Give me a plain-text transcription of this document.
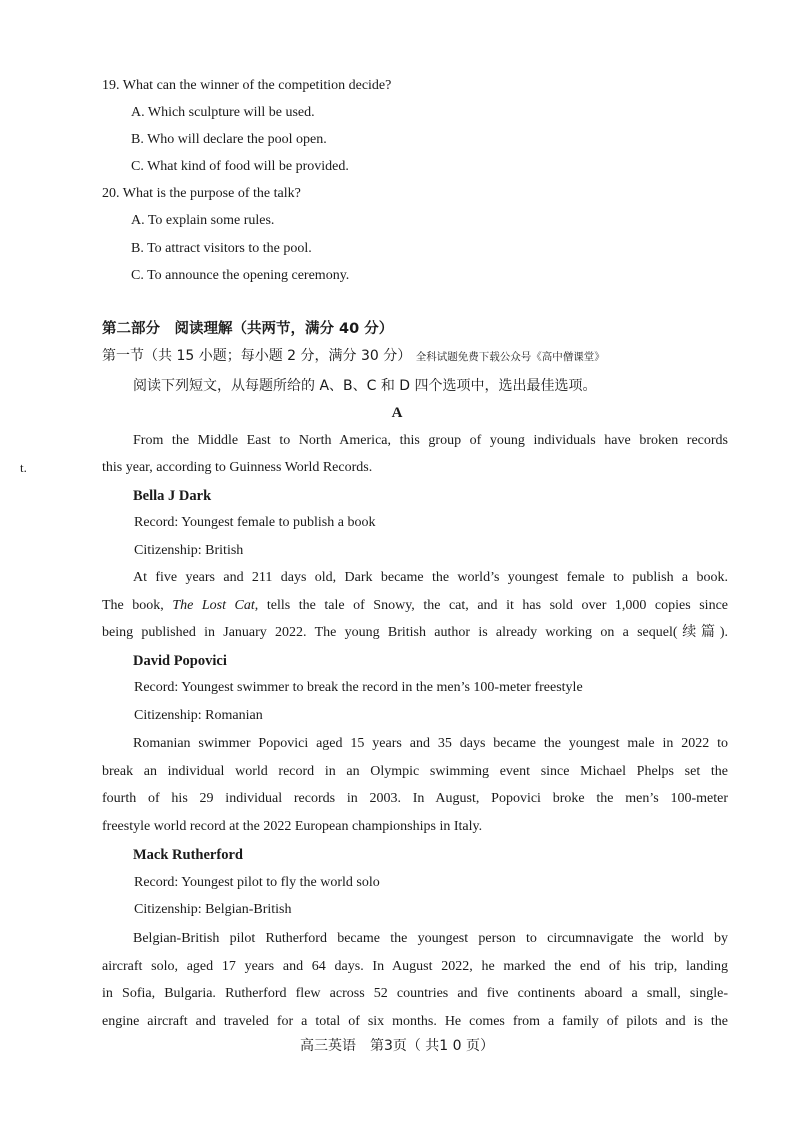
19. What can the winner of the competition decide?
A. Which sculpture will be used.
B. Who will declare the pool open.
C. What kind of food will be provided.
20. What is the purpose of the talk?
A. To explain some rules.
B. To attract visitors to the pool.
C. To announce the opening ceremony.
第二部分　阅读理解（共两节，满分 40 分）
第一节（共 15 小题；每小题 2 分，满分 30 分） 全科试题免费下载公众号《高中僧课堂》
阅读下列短文，从每题所给的 A、B、C 和 D 四个选项中，选出最佳选项。
A
From the Middle East to North America, this group of young individuals have broken records
this year, according to Guinness World Records.
t.
Bella J Dark
Record: Youngest female to publish a book
Citizenship: British
At five years and 211 days old, Dark became the world’s youngest female to publish a book.
The book, The Lost Cat, tells the tale of Snowy, the cat, and it has sold over 1,000 copies since
being published in January 2022. The young British author is already working on a sequel(续篇).
David Popovici
Record: Youngest swimmer to break the record in the men’s 100-meter freestyle
Citizenship: Romanian
Romanian swimmer Popovici aged 15 years and 35 days became the youngest male in 2022 to
break an individual world record in an Olympic swimming event since Michael Phelps set the
fourth of his 29 individual records in 2003. In August, Popovici broke the men’s 100-meter
freestyle world record at the 2022 European championships in Italy.
Mack Rutherford
Record: Youngest pilot to fly the world solo
Citizenship: Belgian-British
Belgian-British pilot Rutherford became the youngest person to circumnavigate the world by
aircraft solo, aged 17 years and 64 days. In August 2022, he marked the end of his trip, landing
in Sofia, Bulgaria. Rutherford flew across 52 countries and five continents aboard a small, single-
engine aircraft and traveled for a total of six months. He comes from a family of pilots and is the
高三英语　第3页（ 共1 0 页）
